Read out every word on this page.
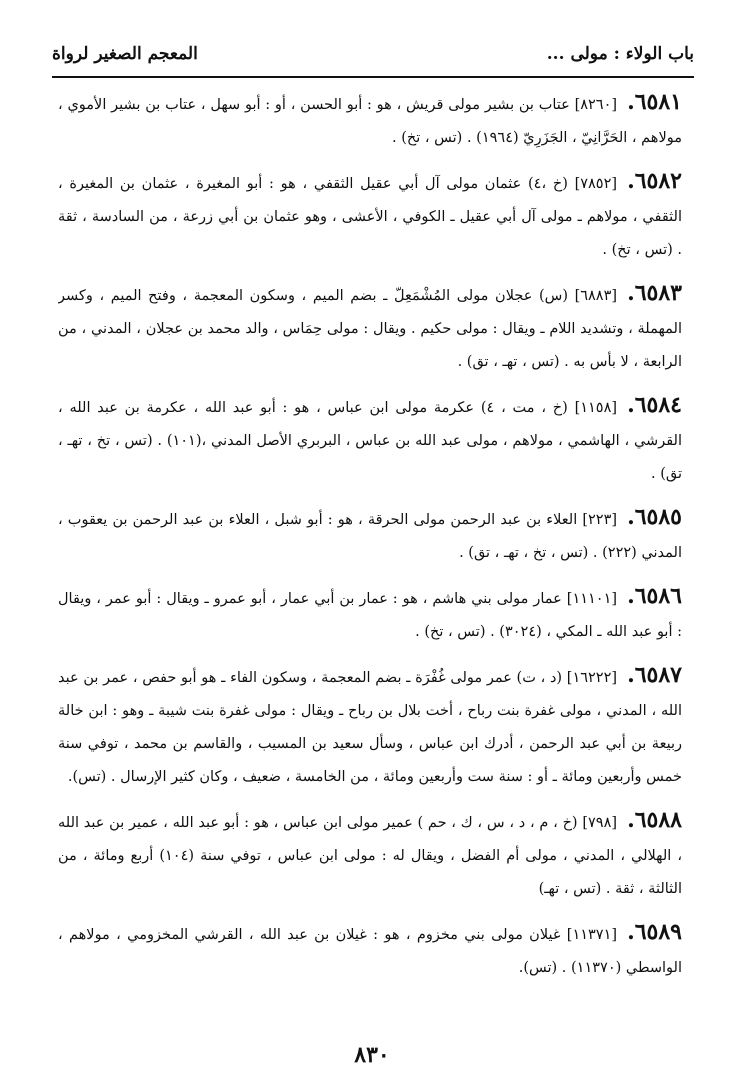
باب الولاء : مولى ...
المعجم الصغير لرواة

٦٥٨١.[٨٢٦٠] عتاب بن بشير مولى قريش ، هو : أبو الحسن ، أو : أبو سهل ، عتاب بن بشير الأموي ، مولاهم ، الحَرَّانِيّ ، الجَزَرِيّ (١٩٦٤) . (تس ، تخ) .

٦٥٨٢.[٧٨٥٢] (خ ،٤) عثمان مولى آل أبي عقيل الثقفي ، هو : أبو المغيرة ، عثمان بن المغيرة ، الثقفي ، مولاهم ـ مولى آل أبي عقيل ـ الكوفي ، الأعشى ، وهو عثمان بن أبي زرعة ، من السادسة ، ثقة . (تس ، تخ) .

٦٥٨٣.[٦٨٨٣] (س) عجلان مولى المُشْمَعِلّ ـ بضم الميم ، وسكون المعجمة ، وفتح الميم ، وكسر المهملة ، وتشديد اللام ـ ويقال : مولى حكيم . ويقال : مولى حِمَاس ، والد محمد بن عجلان ، المدني ، من الرابعة ، لا بأس به . (تس ، تهـ ، تق) .

٦٥٨٤.[١١٥٨] (خ ، مت ، ٤) عكرمة مولى ابن عباس ، هو : أبو عبد الله ، عكرمة بن عبد الله ، القرشي ، الهاشمي ، مولاهم ، مولى عبد الله بن عباس ، البربري الأصل المدني ،(١٠١) . (تس ، تخ ، تهـ ، تق) .

٦٥٨٥.[٢٢٣] العلاء بن عبد الرحمن مولى الحرقة ، هو : أبو شبل ، العلاء بن عبد الرحمن بن يعقوب ، المدني (٢٢٢) . (تس ، تخ ، تهـ ، تق) .

٦٥٨٦.[١١١٠١] عمار مولى بني هاشم ، هو : عمار بن أبي عمار ، أبو عمرو ـ ويقال : أبو عمر ، ويقال : أبو عبد الله ـ المكي ، (٣٠٢٤) . (تس ، تخ) .

٦٥٨٧.[١٦٢٢٢] (د ، ت) عمر مولى غُفْرَة ـ بضم المعجمة ، وسكون الفاء ـ هو أبو حفص ، عمر بن عبد الله ، المدني ، مولى غفرة بنت رباح ، أخت بلال بن رباح ـ ويقال : مولى غفرة بنت شيبة ـ وهو : ابن خالة ربيعة بن أبي عبد الرحمن ، أدرك ابن عباس ، وسأل سعيد بن المسيب ، والقاسم بن محمد ، توفي سنة خمس وأربعين ومائة ـ أو : سنة ست وأربعين ومائة ، من الخامسة ، ضعيف ، وكان كثير الإرسال . (تس).

٦٥٨٨.[٧٩٨] (خ ، م ، د ، س ، ك ، حم ) عمير مولى ابن عباس ، هو : أبو عبد الله ، عمير بن عبد الله ، الهلالي ، المدني ، مولى أم الفضل ، ويقال له : مولى ابن عباس ، توفي سنة (١٠٤) أربع ومائة ، من الثالثة ، ثقة . (تس ، تهـ)

٦٥٨٩.[١١٣٧١] غيلان مولى بني مخزوم ، هو : غيلان بن عبد الله ، القرشي المخزومي ، مولاهم ، الواسطي (١١٣٧٠) . (تس).

٨٣٠
